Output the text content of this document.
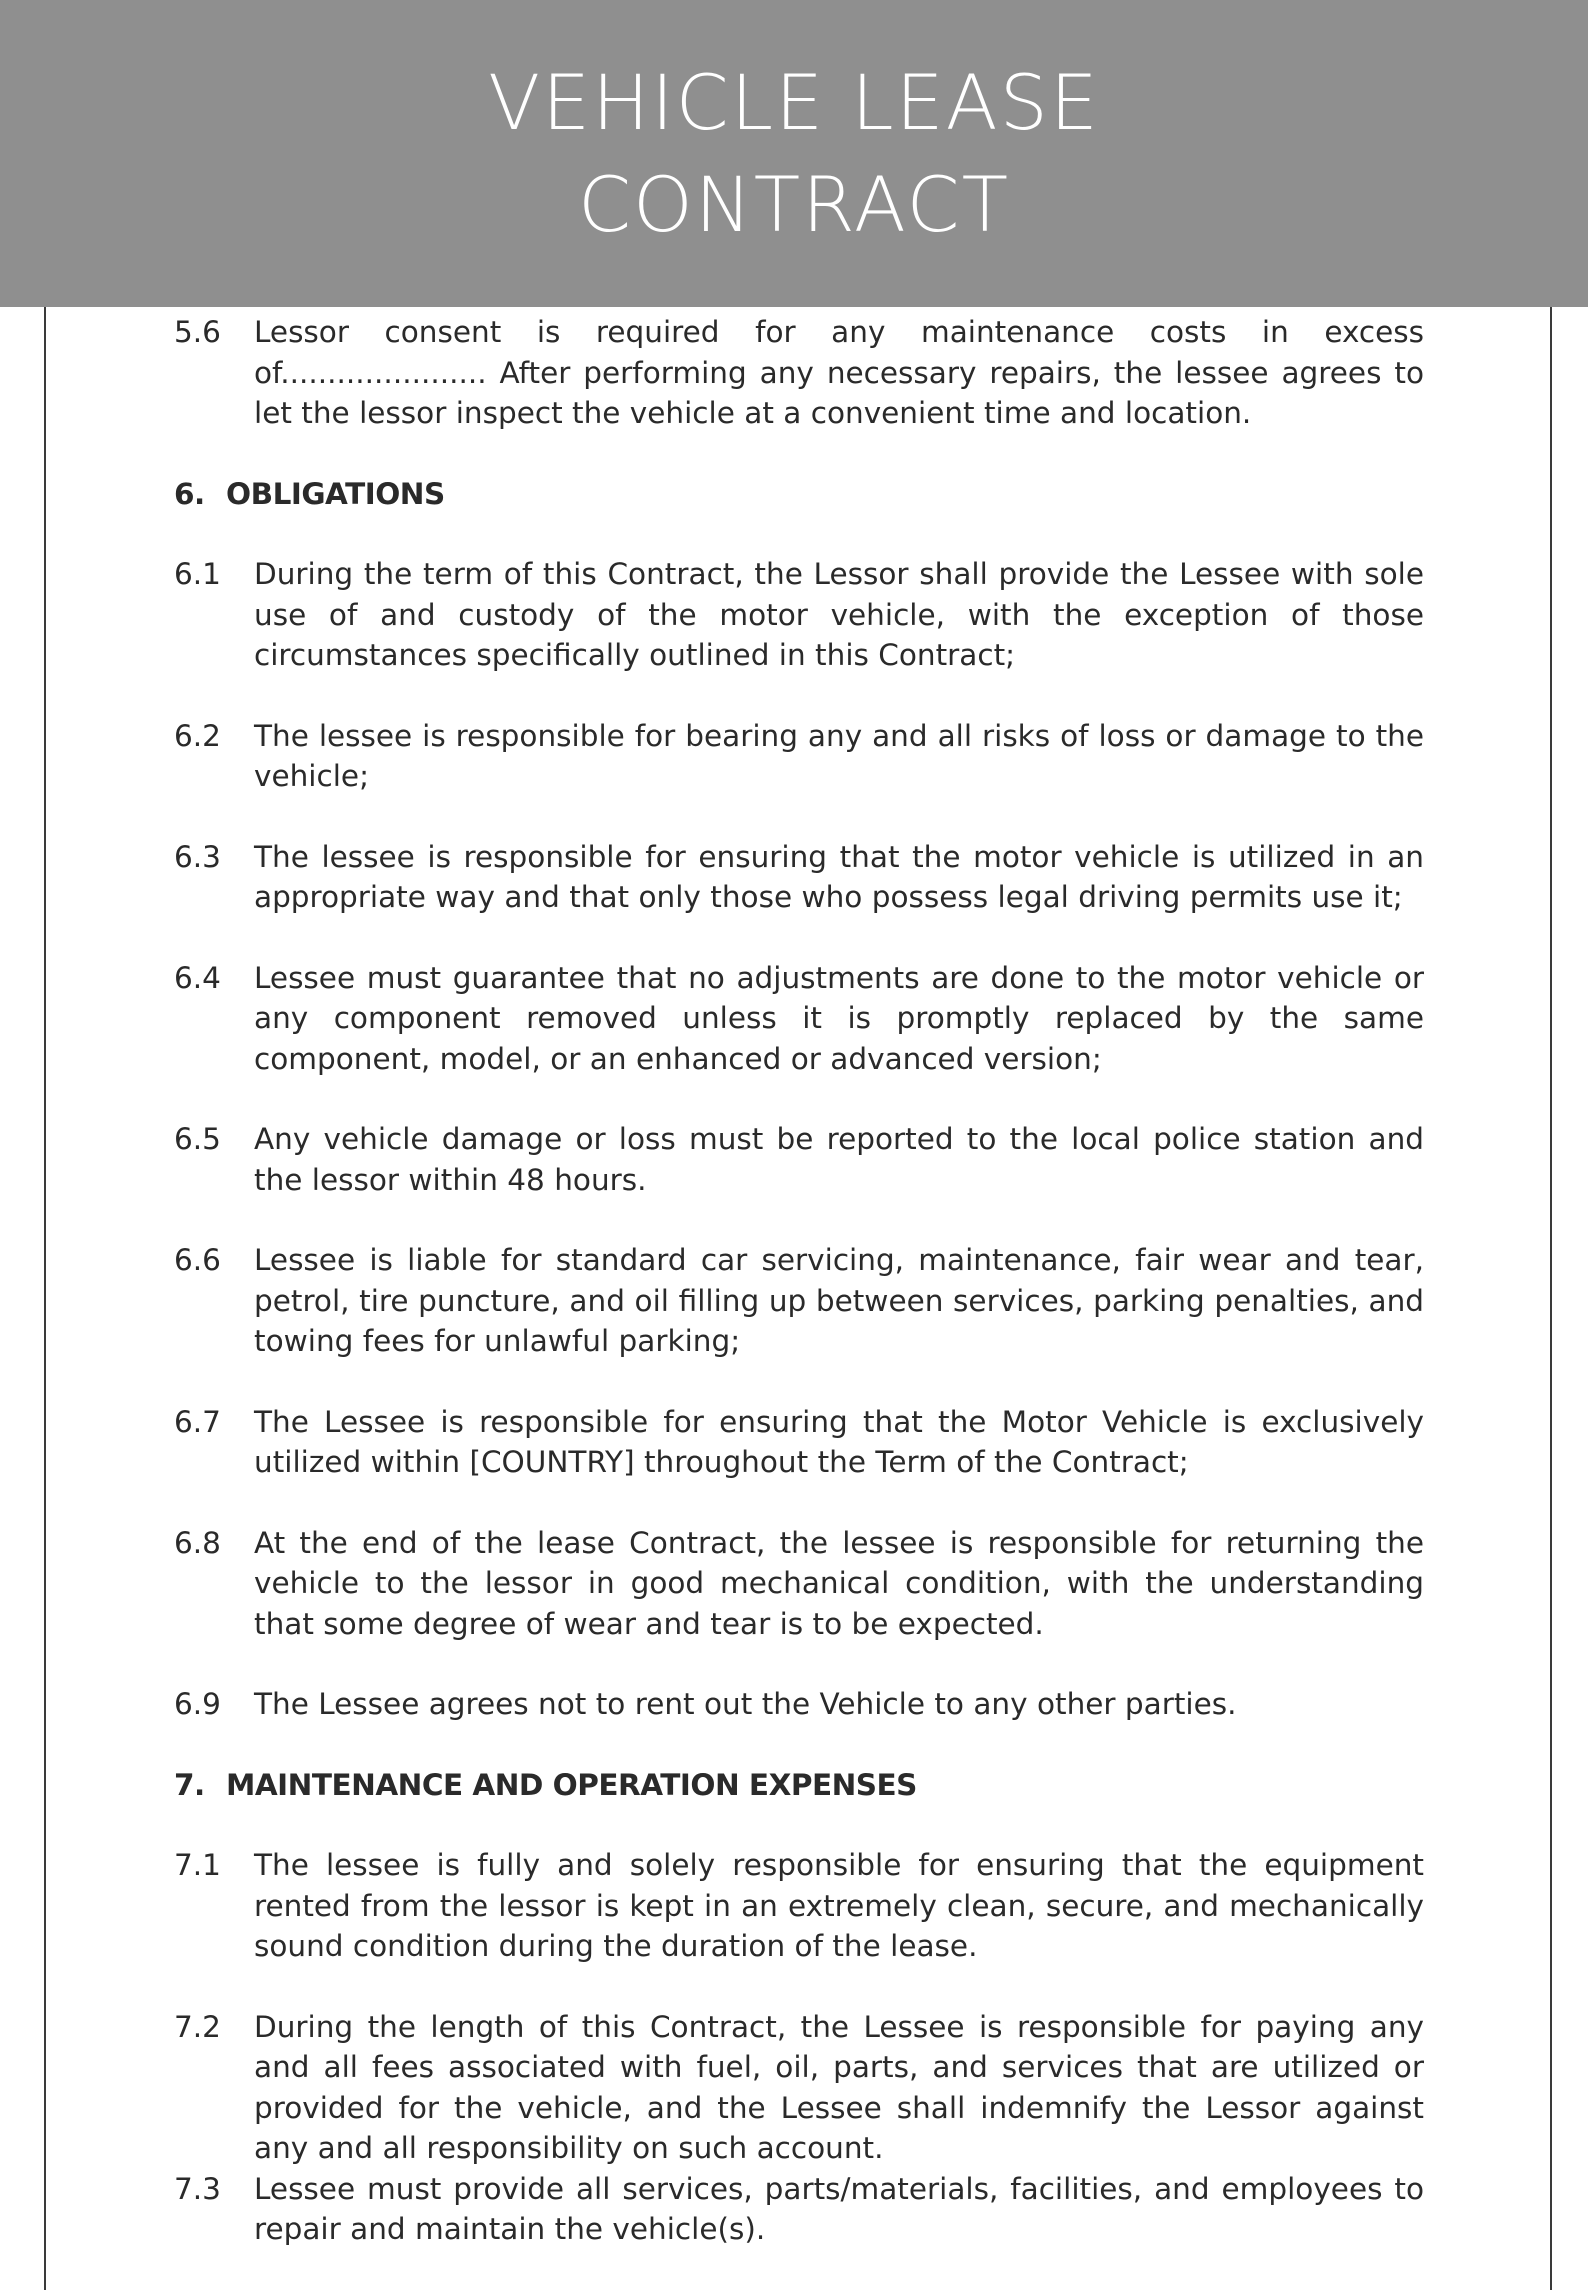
VEHICLE LEASE
CONTRACT
5.6	Lessor consent is required for any maintenance costs in excess of...................... After performing any necessary repairs, the lessee agrees to let the lessor inspect the vehicle at a convenient time and location.
6. OBLIGATIONS
6.1	During the term of this Contract, the Lessor shall provide the Lessee with sole use of and custody of the motor vehicle, with the exception of those circumstances specifically outlined in this Contract;
6.2	The lessee is responsible for bearing any and all risks of loss or damage to the vehicle;
6.3	The lessee is responsible for ensuring that the motor vehicle is utilized in an appropriate way and that only those who possess legal driving permits use it;
6.4	Lessee must guarantee that no adjustments are done to the motor vehicle or any component removed unless it is promptly replaced by the same component, model, or an enhanced or advanced version;
6.5	Any vehicle damage or loss must be reported to the local police station and the lessor within 48 hours.
6.6	Lessee is liable for standard car servicing, maintenance, fair wear and tear, petrol, tire puncture, and oil filling up between services, parking penalties, and towing fees for unlawful parking;
6.7	The Lessee is responsible for ensuring that the Motor Vehicle is exclusively utilized within [COUNTRY] throughout the Term of the Contract;
6.8	At the end of the lease Contract, the lessee is responsible for returning the vehicle to the lessor in good mechanical condition, with the understanding that some degree of wear and tear is to be expected.
6.9	The Lessee agrees not to rent out the Vehicle to any other parties.
7. MAINTENANCE AND OPERATION EXPENSES
7.1	The lessee is fully and solely responsible for ensuring that the equipment rented from the lessor is kept in an extremely clean, secure, and mechanically sound condition during the duration of the lease.
7.2	During the length of this Contract, the Lessee is responsible for paying any and all fees associated with fuel, oil, parts, and services that are utilized or provided for the vehicle, and the Lessee shall indemnify the Lessor against any and all responsibility on such account.
7.3	Lessee must provide all services, parts/materials, facilities, and employees to repair and maintain the vehicle(s).
